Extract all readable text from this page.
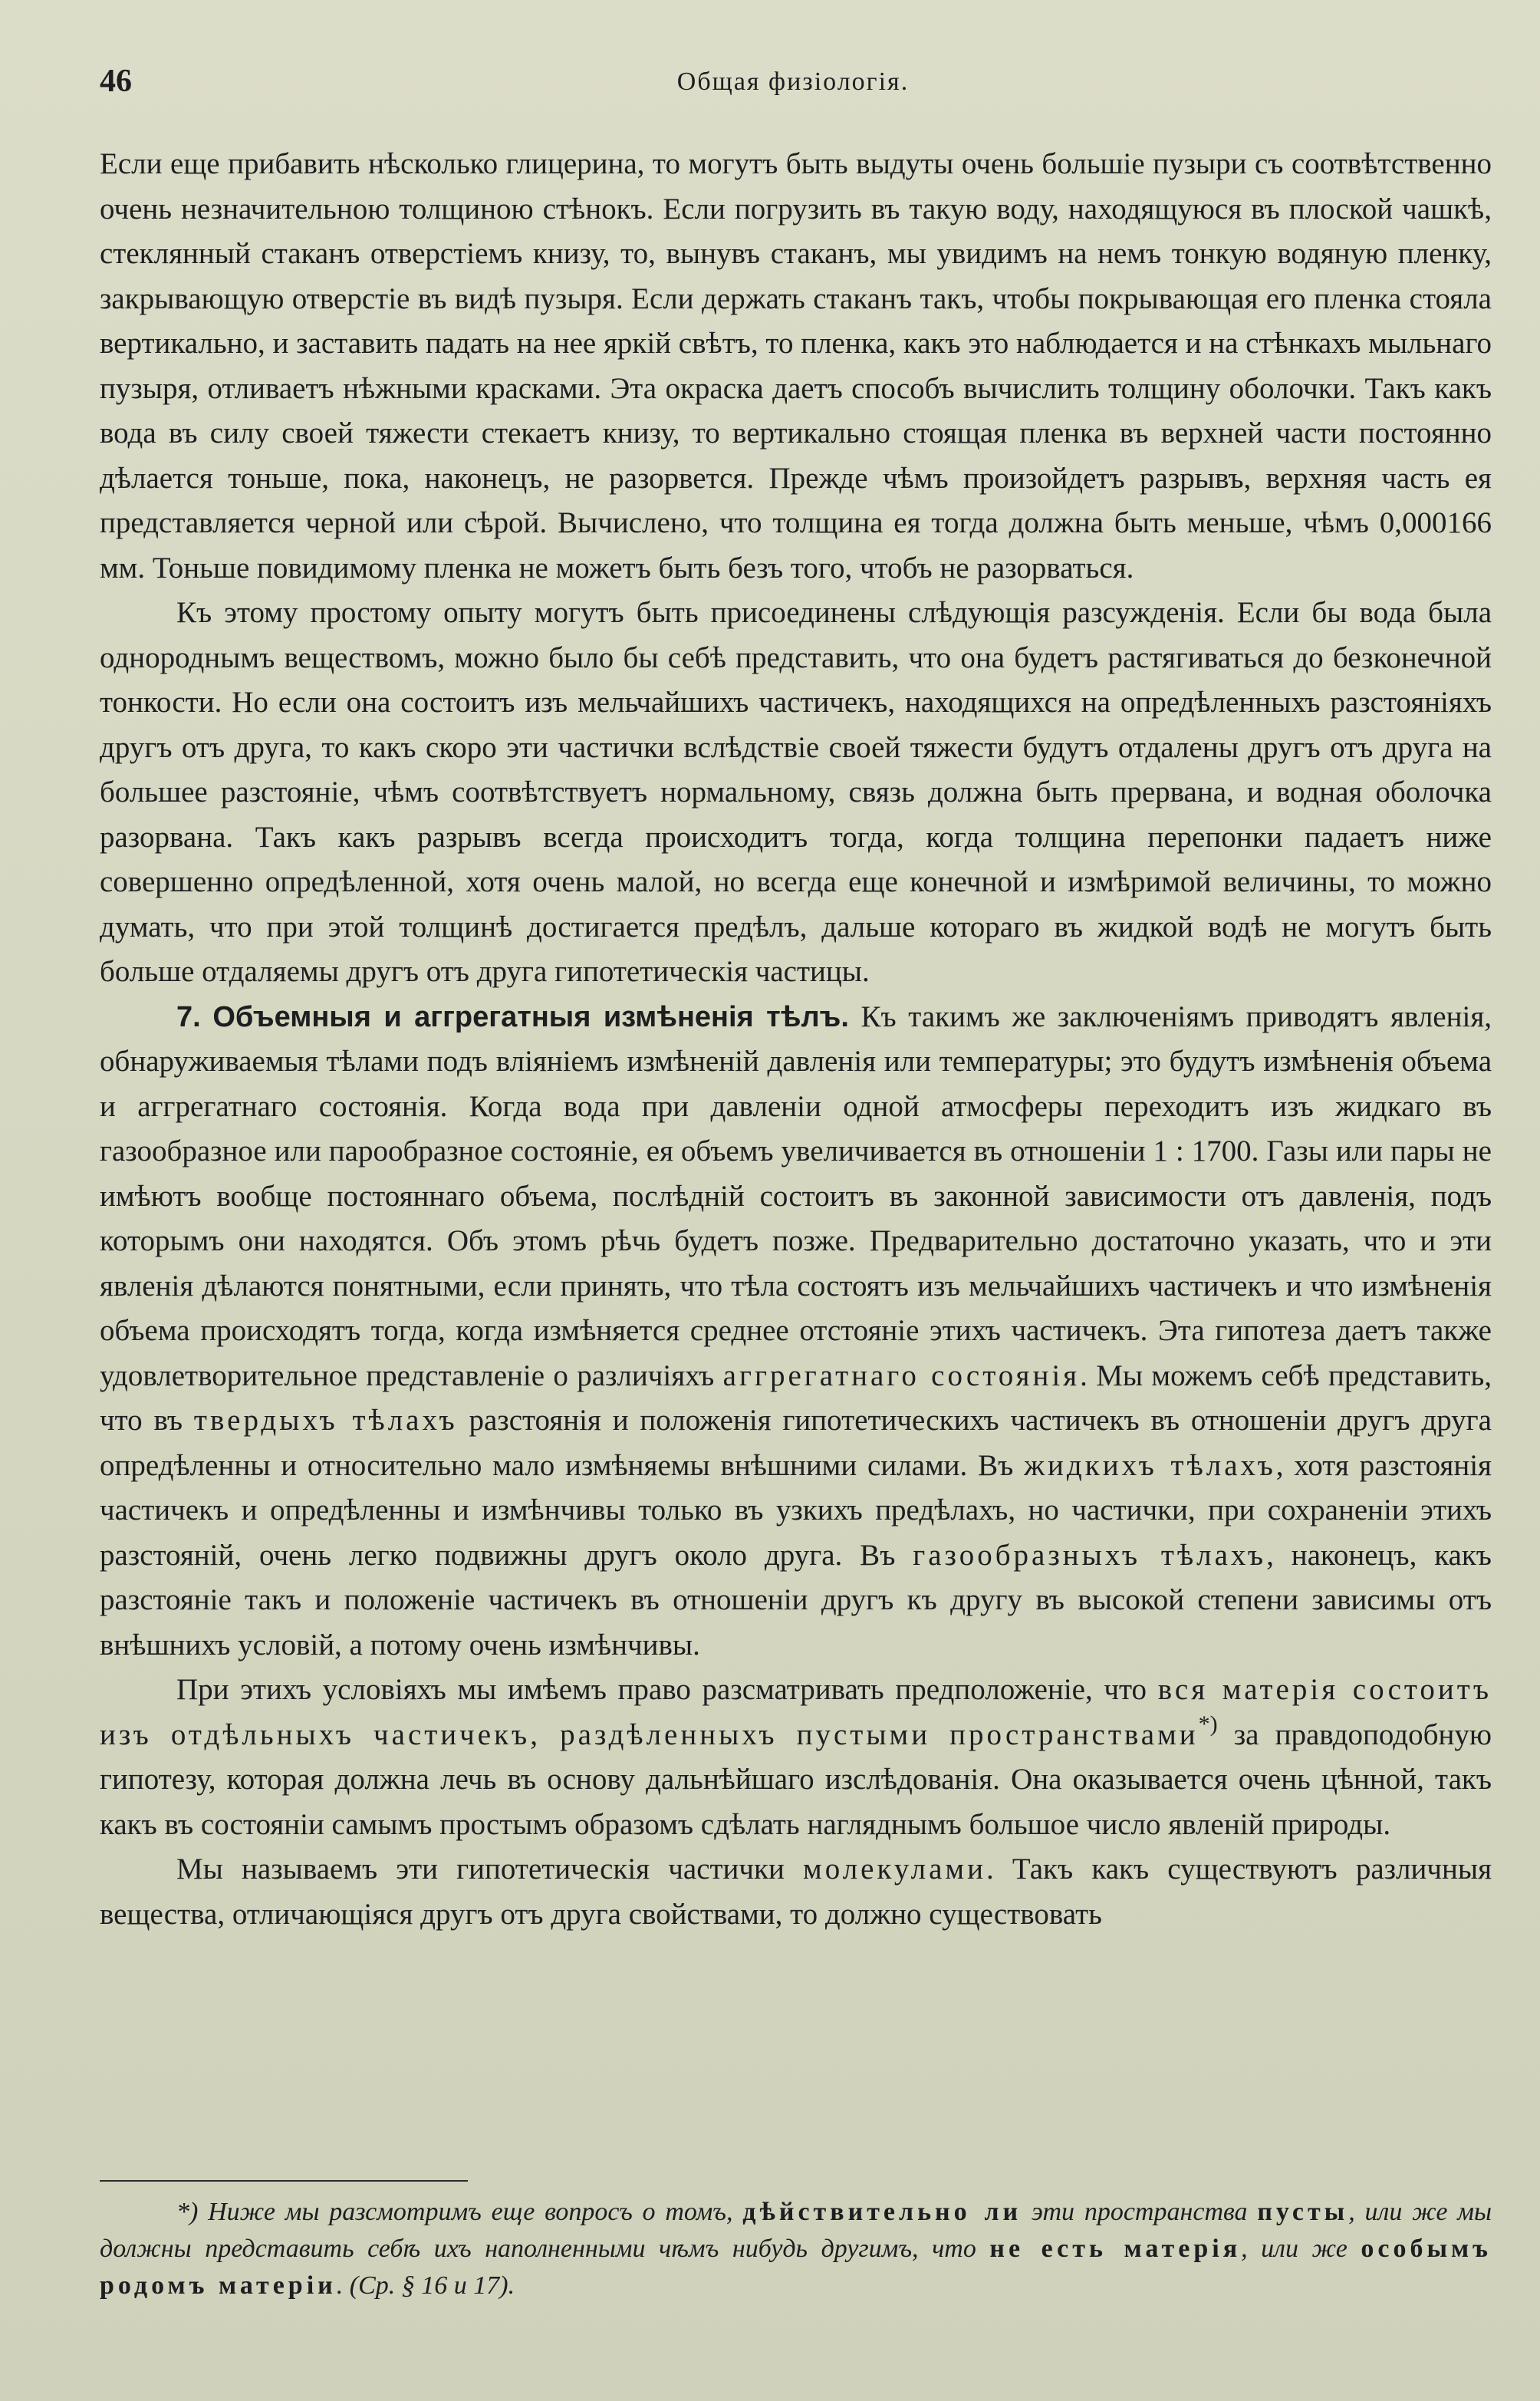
46	Общая физіологія.

Если еще прибавить нѣсколько глицерина, то могутъ быть выдуты очень большіе пузыри съ соотвѣтственно очень незначительною толщиною стѣнокъ. Если погрузить въ такую воду, находящуюся въ плоской чашкѣ, стеклянный стаканъ отверстіемъ книзу, то, вынувъ стаканъ, мы увидимъ на немъ тонкую водяную пленку, закрывающую отверстіе въ видѣ пузыря. Если держать стаканъ такъ, чтобы покрывающая его пленка стояла вертикально, и заставить падать на нее яркій свѣтъ, то пленка, какъ это наблюдается и на стѣнкахъ мыльнаго пузыря, отливаетъ нѣжными красками. Эта окраска даетъ способъ вычислить толщину оболочки. Такъ какъ вода въ силу своей тяжести стекаетъ книзу, то вертикально стоящая пленка въ верхней части постоянно дѣлается тоньше, пока, наконецъ, не разорвется. Прежде чѣмъ произойдетъ разрывъ, верхняя часть ея представляется черной или сѣрой. Вычислено, что толщина ея тогда должна быть меньше, чѣмъ 0,000166 мм. Тоньше повидимому пленка не можетъ быть безъ того, чтобъ не разорваться.

Къ этому простому опыту могутъ быть присоединены слѣдующія разсужденія. Если бы вода была однороднымъ веществомъ, можно было бы себѣ представить, что она будетъ растягиваться до безконечной тонкости. Но если она состоитъ изъ мельчайшихъ частичекъ, находящихся на опредѣленныхъ разстояніяхъ другъ отъ друга, то какъ скоро эти частички вслѣдствіе своей тяжести будутъ отдалены другъ отъ друга на большее разстояніе, чѣмъ соотвѣтствуетъ нормальному, связь должна быть прервана, и водная оболочка разорвана. Такъ какъ разрывъ всегда происходитъ тогда, когда толщина перепонки падаетъ ниже совершенно опредѣленной, хотя очень малой, но всегда еще конечной и измѣримой величины, то можно думать, что при этой толщинѣ достигается предѣлъ, дальше котораго въ жидкой водѣ не могутъ быть больше отдаляемы другъ отъ друга гипотетическія частицы.

7. Объемныя и аггрегатныя измѣненія тѣлъ. Къ такимъ же заключеніямъ приводятъ явленія, обнаруживаемыя тѣлами подъ вліяніемъ измѣненій давленія или температуры; это будутъ измѣненія объема и аггрегатнаго состоянія. Когда вода при давленіи одной атмосферы переходитъ изъ жидкаго въ газообразное или парообразное состояніе, ея объемъ увеличивается въ отношеніи 1 : 1700. Газы или пары не имѣютъ вообще постояннаго объема, послѣдній состоитъ въ законной зависимости отъ давленія, подъ которымъ они находятся. Объ этомъ рѣчь будетъ позже. Предварительно достаточно указать, что и эти явленія дѣлаются понятными, если принять, что тѣла состоятъ изъ мельчайшихъ частичекъ и что измѣненія объема происходятъ тогда, когда измѣняется среднее отстояніе этихъ частичекъ. Эта гипотеза даетъ также удовлетворительное представленіе о различіяхъ аггрегатнаго состоянія. Мы можемъ себѣ представить, что въ твердыхъ тѣлахъ разстоянія и положенія гипотетическихъ частичекъ въ отношеніи другъ друга опредѣленны и относительно мало измѣняемы внѣшними силами. Въ жидкихъ тѣлахъ, хотя разстоянія частичекъ и опредѣленны и измѣнчивы только въ узкихъ предѣлахъ, но частички, при сохраненіи этихъ разстояній, очень легко подвижны другъ около друга. Въ газообразныхъ тѣлахъ, наконецъ, какъ разстояніе такъ и положеніе частичекъ въ отношеніи другъ къ другу въ высокой степени зависимы отъ внѣшнихъ условій, а потому очень измѣнчивы.

При этихъ условіяхъ мы имѣемъ право разсматривать предположеніе, что вся матерія состоитъ изъ отдѣльныхъ частичекъ, раздѣленныхъ пустыми пространствами*) за правдоподобную гипотезу, которая должна лечь въ основу дальнѣйшаго изслѣдованія. Она оказывается очень цѣнной, такъ какъ въ состояніи самымъ простымъ образомъ сдѣлать нагляднымъ большое число явленій природы.

Мы называемъ эти гипотетическія частички молекулами. Такъ какъ существуютъ различныя вещества, отличающіяся другъ отъ друга свойствами, то должно существовать

*) Ниже мы разсмотримъ еще вопросъ о томъ, дѣйствительно ли эти пространства пусты, или же мы должны представить себѣ ихъ наполненными чѣмъ нибудь другимъ, что не есть матерія, или же особымъ родомъ матеріи. (Ср. § 16 и 17).
